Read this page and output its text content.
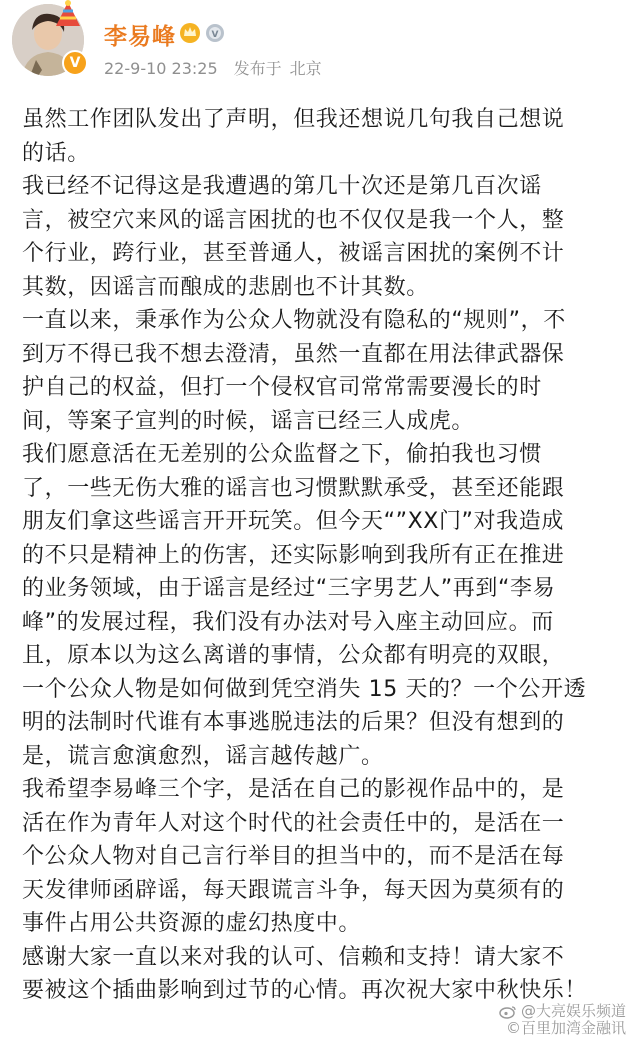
V
李易峰	V
22-9-10 23:25 发布于 北京

虽然工作团队发出了声明，但我还想说几句我自己想说

的话。

我已经不记得这是我遭遇的第几十次还是第几百次谣

言，被空穴来风的谣言困扰的也不仅仅是我一个人，整

个行业，跨行业，甚至普通人，被谣言困扰的案例不计

其数，因谣言而酿成的悲剧也不计其数。

一直以来，秉承作为公众人物就没有隐私的“规则”，不

到万不得已我不想去澄清，虽然一直都在用法律武器保

护自己的权益，但打一个侵权官司常常需要漫长的时

间，等案子宣判的时候，谣言已经三人成虎。

我们愿意活在无差别的公众监督之下，偷拍我也习惯

了，一些无伤大雅的谣言也习惯默默承受，甚至还能跟

朋友们拿这些谣言开开玩笑。但今天“”XX门”对我造成

的不只是精神上的伤害，还实际影响到我所有正在推进

的业务领域，由于谣言是经过“三字男艺人”再到“李易

峰”的发展过程，我们没有办法对号入座主动回应。而

且，原本以为这么离谱的事情，公众都有明亮的双眼，

一个公众人物是如何做到凭空消失 15 天的？一个公开透

明的法制时代谁有本事逃脱违法的后果？但没有想到的

是，谎言愈演愈烈，谣言越传越广。

我希望李易峰三个字，是活在自己的影视作品中的，是

活在作为青年人对这个时代的社会责任中的，是活在一

个公众人物对自己言行举目的担当中的，而不是活在每

天发律师函辟谣，每天跟谎言斗争，每天因为莫须有的

事件占用公共资源的虚幻热度中。

感谢大家一直以来对我的认可、信赖和支持！请大家不

要被这个插曲影响到过节的心情。再次祝大家中秋快乐！

@大亮娱乐频道
©百里加湾金融讯
